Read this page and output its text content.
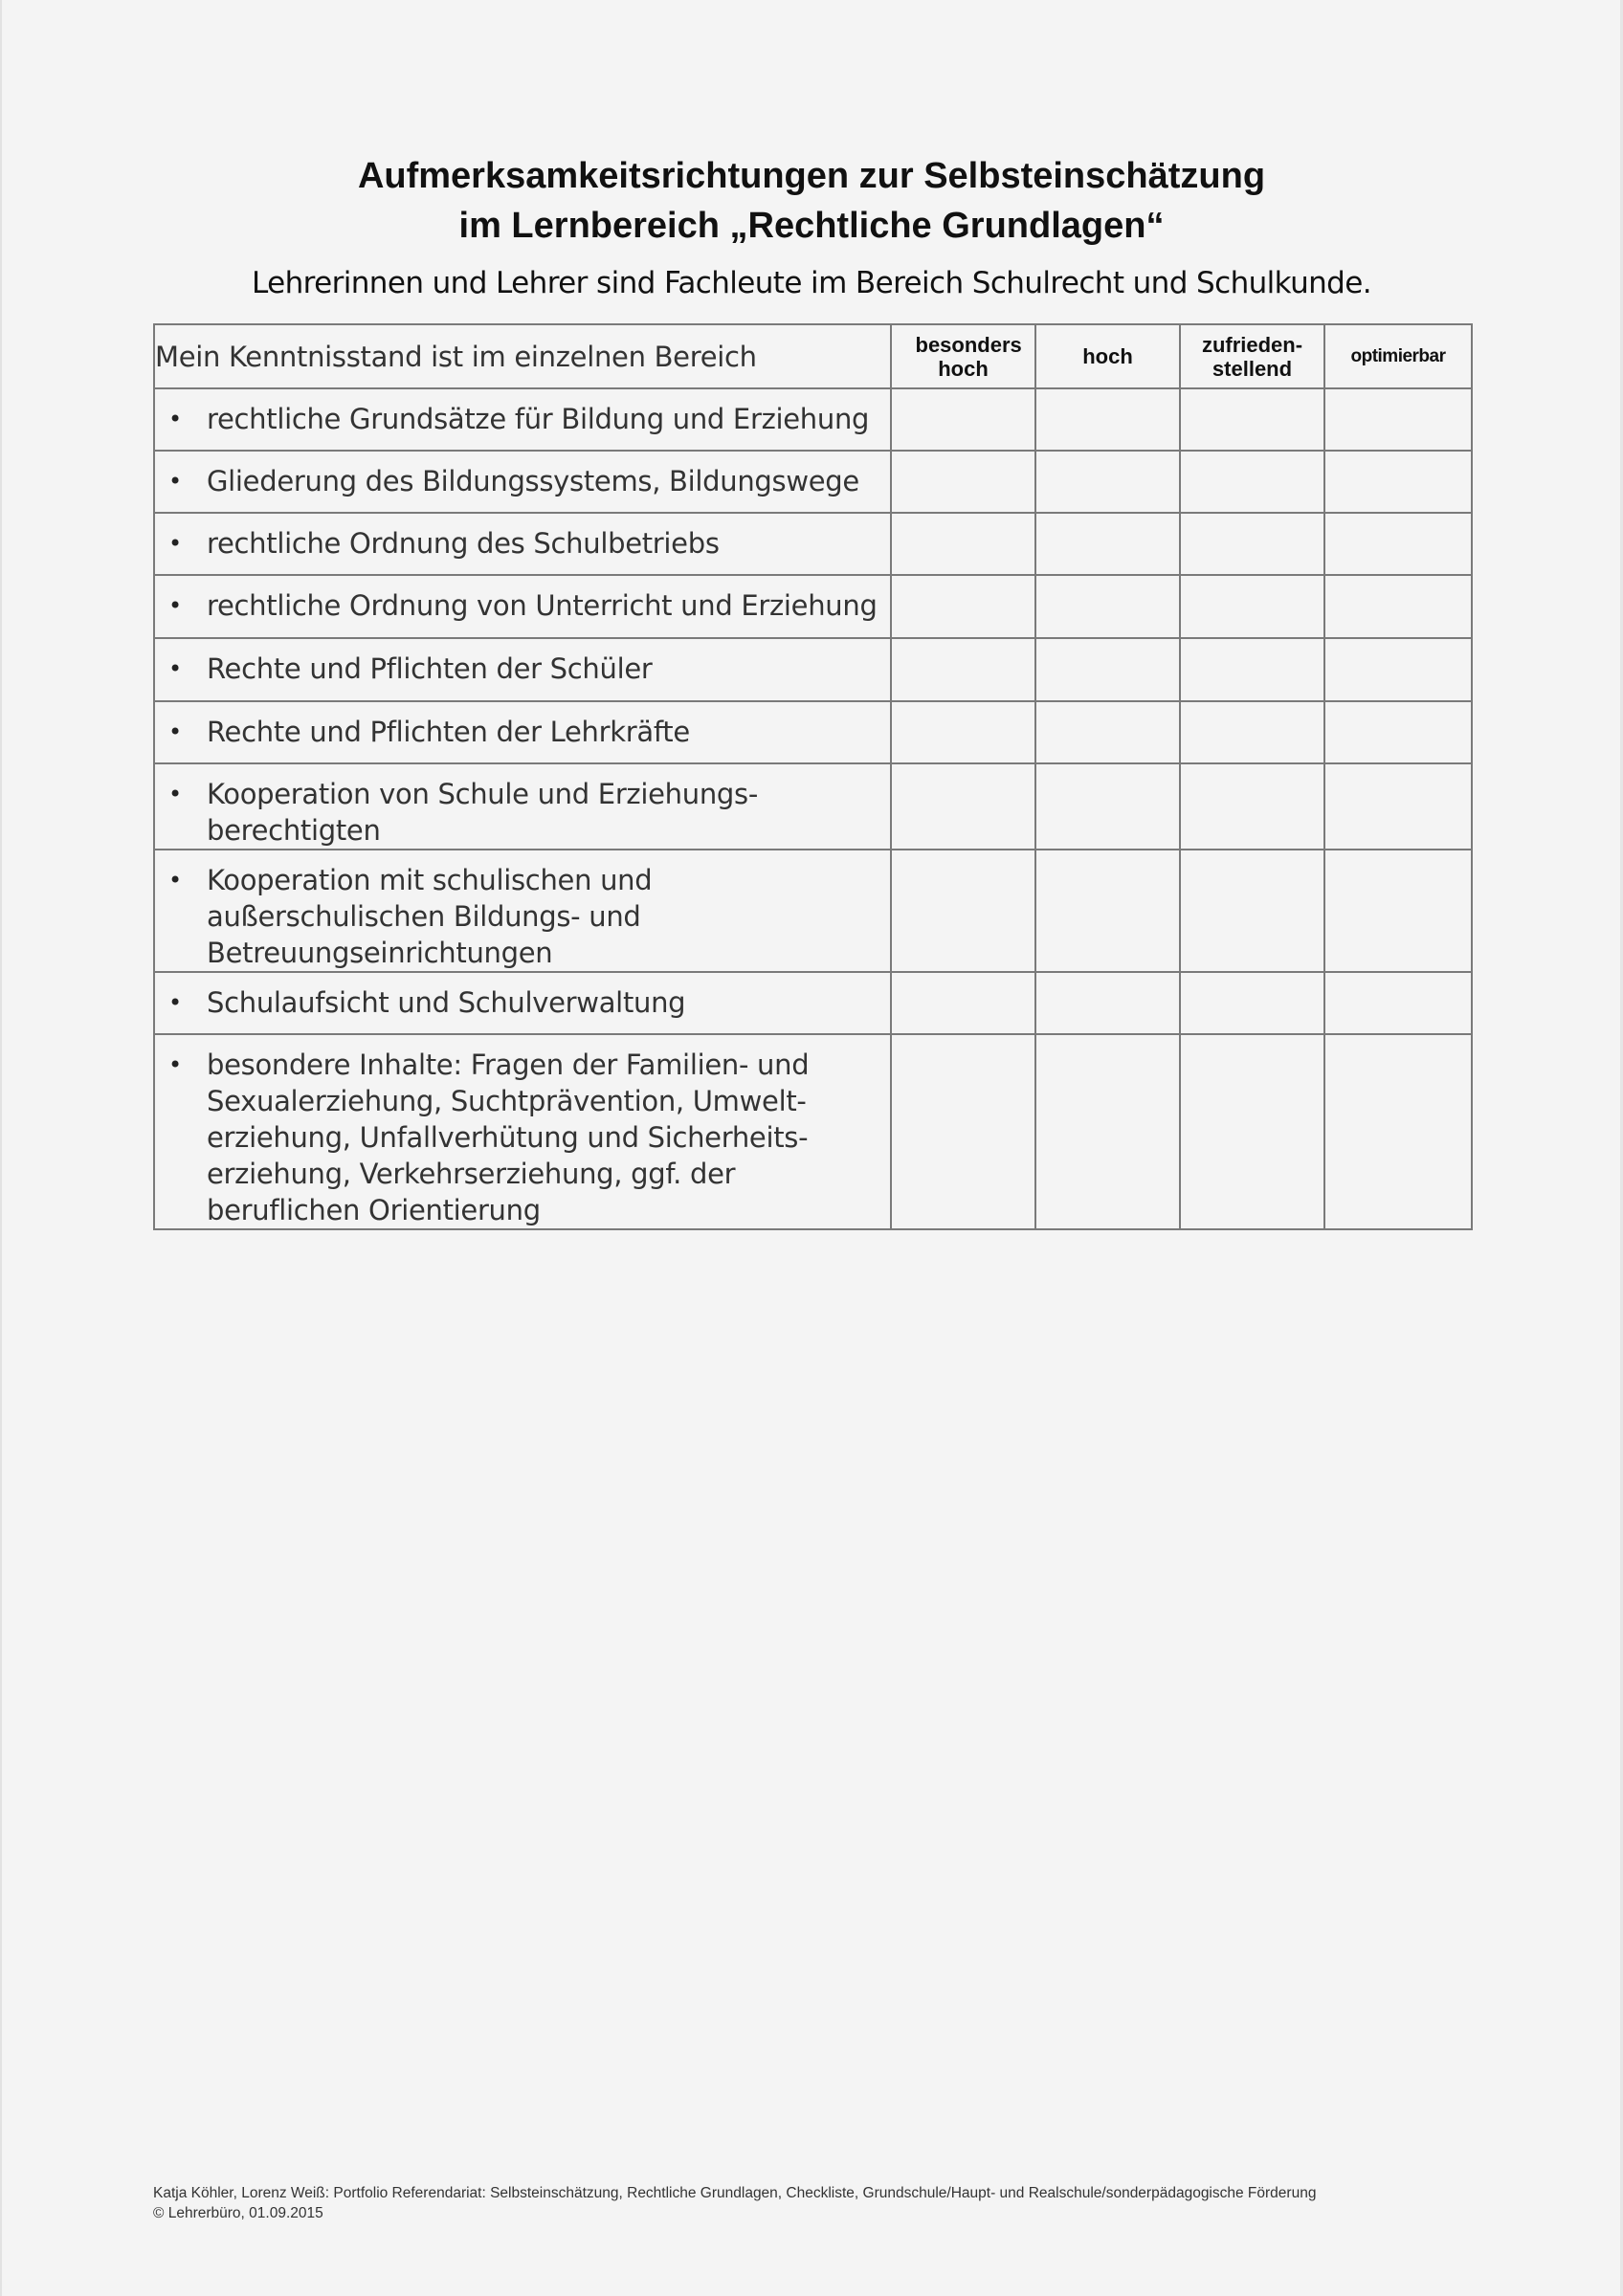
Aufmerksamkeitsrichtungen zur Selbsteinschätzung
im Lernbereich „Rechtliche Grundlagen“
Lehrerinnen und Lehrer sind Fachleute im Bereich Schulrecht und Schulkunde.
Mein Kenntnisstand ist im einzelnen Bereich	besonders hoch	hoch	zufrieden-stellend	optimierbar

• rechtliche Grundsätze für Bildung und Erziehung				

• Gliederung des Bildungssystems, Bildungswege				

• rechtliche Ordnung des Schulbetriebs				

• rechtliche Ordnung von Unterricht und Erziehung				

• Rechte und Pflichten der Schüler				

• Rechte und Pflichten der Lehrkräfte				

• Kooperation von Schule und Erziehungs-berechtigten				

• Kooperation mit schulischen und außerschulischen Bildungs- und Betreuungseinrichtungen				

• Schulaufsicht und Schulverwaltung				

• besondere Inhalte: Fragen der Familien- und Sexualerziehung, Suchtprävention, Umwelt-erziehung, Unfallverhütung und Sicherheits-erziehung, Verkehrserziehung, ggf. der beruflichen Orientierung				

Katja Köhler, Lorenz Weiß: Portfolio Referendariat: Selbsteinschätzung, Rechtliche Grundlagen, Checkliste, Grundschule/Haupt- und Realschule/sonderpädagogische Förderung
© Lehrerbüro, 01.09.2015
